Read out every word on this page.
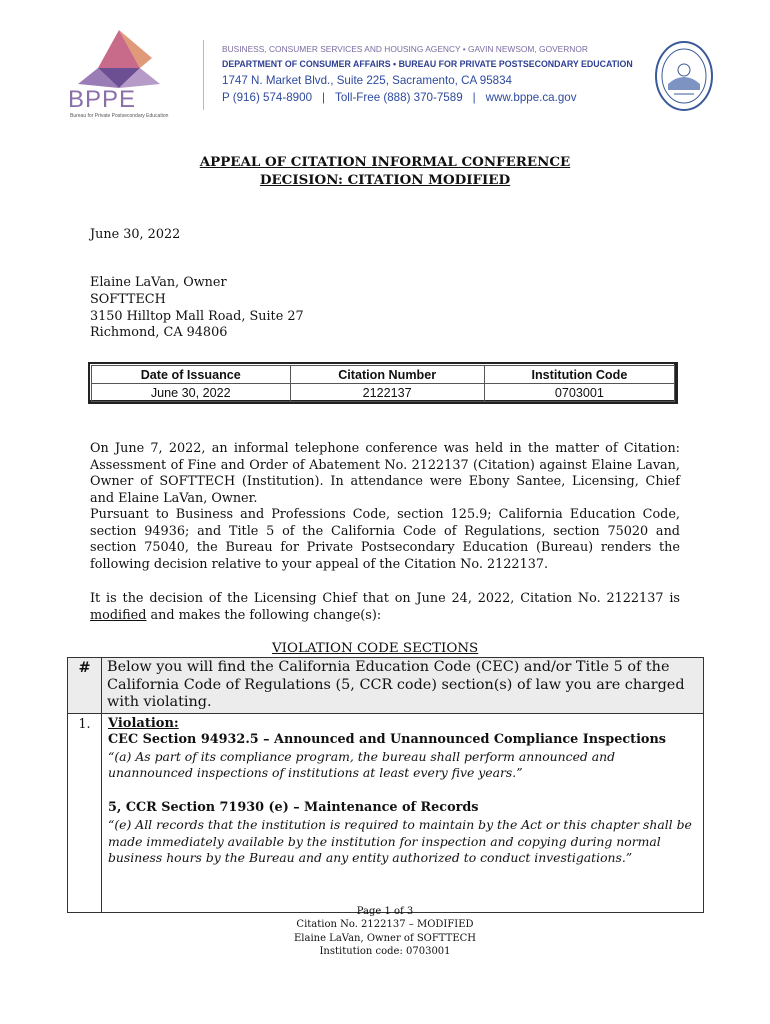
BPPE
Bureau for Private Postsecondary Education
BUSINESS, CONSUMER SERVICES AND HOUSING AGENCY • GAVIN NEWSOM, GOVERNOR
DEPARTMENT OF CONSUMER AFFAIRS • BUREAU FOR PRIVATE POSTSECONDARY EDUCATION
1747 N. Market Blvd., Suite 225, Sacramento, CA 95834
P (916) 574-8900 | Toll-Free (888) 370-7589 | www.bppe.ca.gov
APPEAL OF CITATION INFORMAL CONFERENCE
DECISION: CITATION MODIFIED
June 30, 2022
Elaine LaVan, Owner
SOFTTECH
3150 Hilltop Mall Road, Suite 27
Richmond, CA 94806
Date of Issuance	Citation Number	Institution Code
June 30, 2022	2122137	0703001
On June 7, 2022, an informal telephone conference was held in the matter of Citation: Assessment of Fine and Order of Abatement No. 2122137 (Citation) against Elaine Lavan, Owner of SOFTTECH (Institution). In attendance were Ebony Santee, Licensing, Chief and Elaine LaVan, Owner.
Pursuant to Business and Professions Code, section 125.9; California Education Code, section 94936; and Title 5 of the California Code of Regulations, section 75020 and section 75040, the Bureau for Private Postsecondary Education (Bureau) renders the following decision relative to your appeal of the Citation No. 2122137.
It is the decision of the Licensing Chief that on June 24, 2022, Citation No. 2122137 is modified and makes the following change(s):
VIOLATION CODE SECTIONS
#	Below you will find the California Education Code (CEC) and/or Title 5 of the California Code of Regulations (5, CCR code) section(s) of law you are charged with violating.
1.	Violation:
CEC Section 94932.5 – Announced and Unannounced Compliance Inspections
“(a) As part of its compliance program, the bureau shall perform announced and unannounced inspections of institutions at least every five years.”
5, CCR Section 71930 (e) – Maintenance of Records
“(e) All records that the institution is required to maintain by the Act or this chapter shall be made immediately available by the institution for inspection and copying during normal business hours by the Bureau and any entity authorized to conduct investigations.”
Page 1 of 3
Citation No. 2122137 – MODIFIED
Elaine LaVan, Owner of SOFTTECH
Institution code: 0703001
